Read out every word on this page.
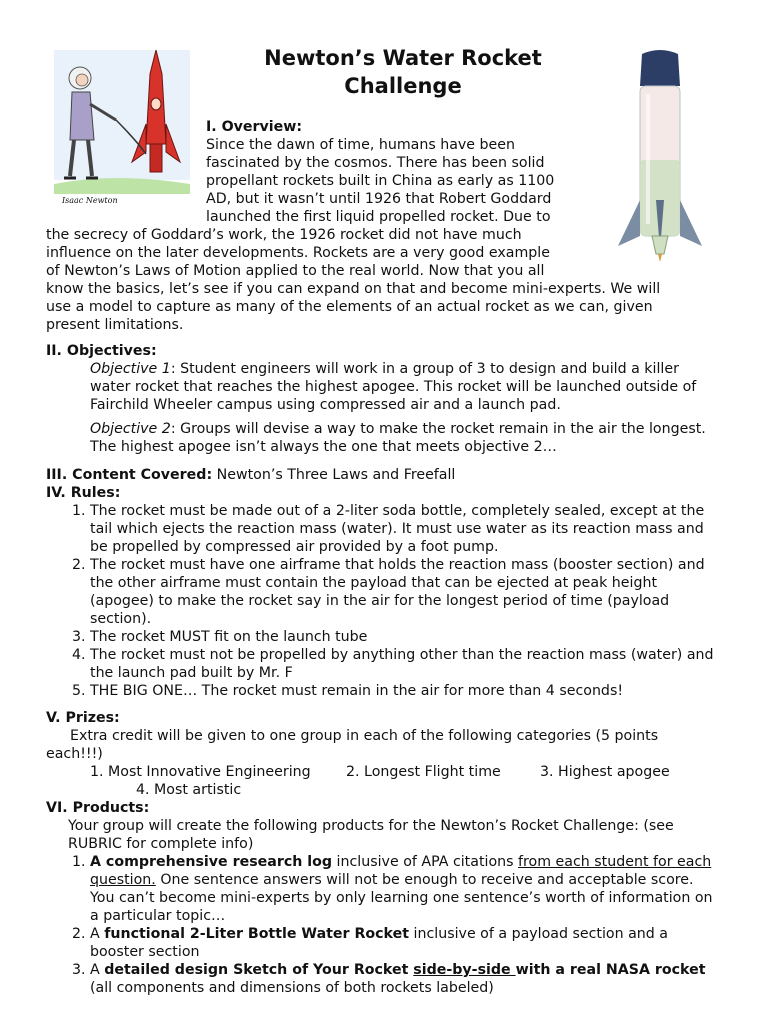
Isaac Newton
Newton’s Water Rocket
Challenge
I. Overview:
Since the dawn of time, humans have been
fascinated by the cosmos. There has been solid
propellant rockets built in China as early as 1100
AD, but it wasn’t until 1926 that Robert Goddard
launched the first liquid propelled rocket. Due to
the secrecy of Goddard’s work, the 1926 rocket did not have much
influence on the later developments. Rockets are a very good example
of Newton’s Laws of Motion applied to the real world. Now that you all
know the basics, let’s see if you can expand on that and become mini-experts. We will
use a model to capture as many of the elements of an actual rocket as we can, given
present limitations.
II. Objectives:

Objective 1: Student engineers will work in a group of 3 to design and build a killer water rocket that reaches the highest apogee. This rocket will be launched outside of Fairchild Wheeler campus using compressed air and a launch pad.

Objective 2: Groups will devise a way to make the rocket remain in the air the longest. The highest apogee isn’t always the one that meets objective 2…

III. Content Covered: Newton’s Three Laws and Freefall
IV. Rules:
1. The rocket must be made out of a 2-liter soda bottle, completely sealed, except at the tail which ejects the reaction mass (water). It must use water as its reaction mass and be propelled by compressed air provided by a foot pump.
2. The rocket must have one airframe that holds the reaction mass (booster section) and the other airframe must contain the payload that can be ejected at peak height (apogee) to make the rocket say in the air for the longest period of time (payload section).
3. The rocket MUST fit on the launch tube
4. The rocket must not be propelled by anything other than the reaction mass (water) and the launch pad built by Mr. F
5. THE BIG ONE… The rocket must remain in the air for more than 4 seconds!
V. Prizes:
Extra credit will be given to one group in each of the following categories (5 points
each!!!)
1. Most Innovative Engineering 2. Longest Flight time	3. Highest apogee
4. Most artistic
VI. Products:
Your group will create the following products for the Newton’s Rocket Challenge: (see RUBRIC for complete info)
1. A comprehensive research log inclusive of APA citations from each student for each question. One sentence answers will not be enough to receive and acceptable score. You can’t become mini-experts by only learning one sentence’s worth of information on a particular topic…
2. A functional 2-Liter Bottle Water Rocket inclusive of a payload section and a booster section
3. A detailed design Sketch of Your Rocket side-by-side with a real NASA rocket (all components and dimensions of both rockets labeled)
